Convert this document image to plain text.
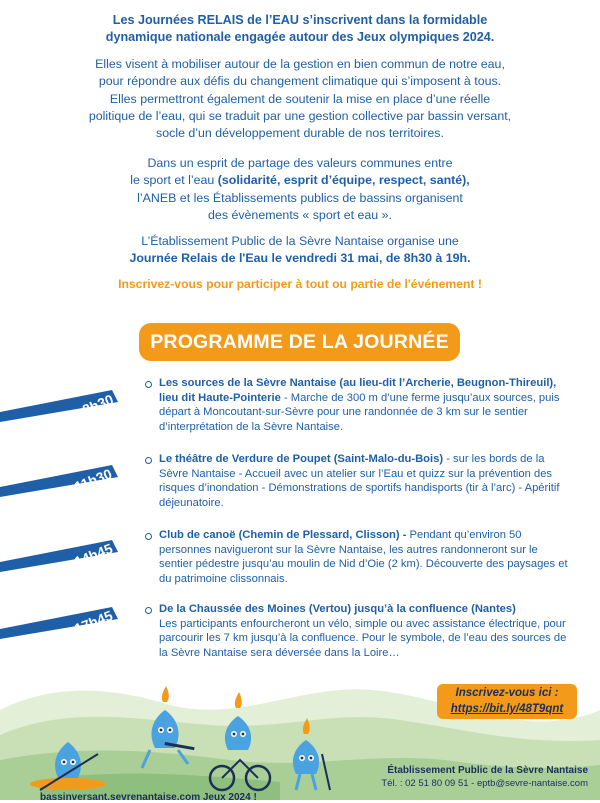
Les Journées RELAIS de l’EAU s’inscrivent dans la formidable
dynamique nationale engagée autour des Jeux olympiques 2024.
Elles visent à mobiliser autour de la gestion en bien commun de notre eau,
pour répondre aux défis du changement climatique qui s’imposent à tous.
Elles permettront également de soutenir la mise en place d’une réelle
politique de l’eau, qui se traduit par une gestion collective par bassin versant,
socle d’un développement durable de nos territoires.
Dans un esprit de partage des valeurs communes entre
le sport et l’eau (solidarité, esprit d’équipe, respect, santé),
l’ANEB et les Établissements publics de bassins organisent
des évènements « sport et eau ».
L’Établissement Public de la Sèvre Nantaise organise une
Journée Relais de l'Eau le vendredi 31 mai, de 8h30 à 19h.
Inscrivez-vous pour participer à tout ou partie de l'événement !
PROGRAMME DE LA JOURNÉE
8h30
11h30
14h45
17h45
Les sources de la Sèvre Nantaise (au lieu-dit l’Archerie, Beugnon-Thireuil), lieu dit Haute-Pointerie - Marche de 300 m d’une ferme jusqu’aux sources, puis départ à Moncoutant-sur-Sèvre pour une randonnée de 3 km sur le sentier d’interprétation de la Sèvre Nantaise.
Le théâtre de Verdure de Poupet (Saint-Malo-du-Bois) - sur les bords de la Sèvre Nantaise - Accueil avec un atelier sur l’Eau et quizz sur la prévention des risques d’inondation - Démonstrations de sportifs handisports (tir à l’arc) - Apéritif déjeunatoire.
Club de canoë (Chemin de Plessard, Clisson) - Pendant qu’environ 50 personnes navigueront sur la Sèvre Nantaise, les autres randonneront sur le sentier pédestre jusqu’au moulin de Nid d’Oie (2 km). Découverte des paysages et du patrimoine clissonnais.
De la Chaussée des Moines (Vertou) jusqu’à la confluence (Nantes)
Les participants enfourcheront un vélo, simple ou avec assistance électrique, pour parcourir les 7 km jusqu’à la confluence. Pour le symbole, de l’eau des sources de la Sèvre Nantaise sera déversée dans la Loire…
Inscrivez-vous ici :
https://bit.ly/48T9qnt
Établissement Public de la Sèvre Nantaise
Tél. : 02 51 80 09 51 - eptb@sevre-nantaise.com
bassinversant.sevrenantaise.com Jeux 2024 !
